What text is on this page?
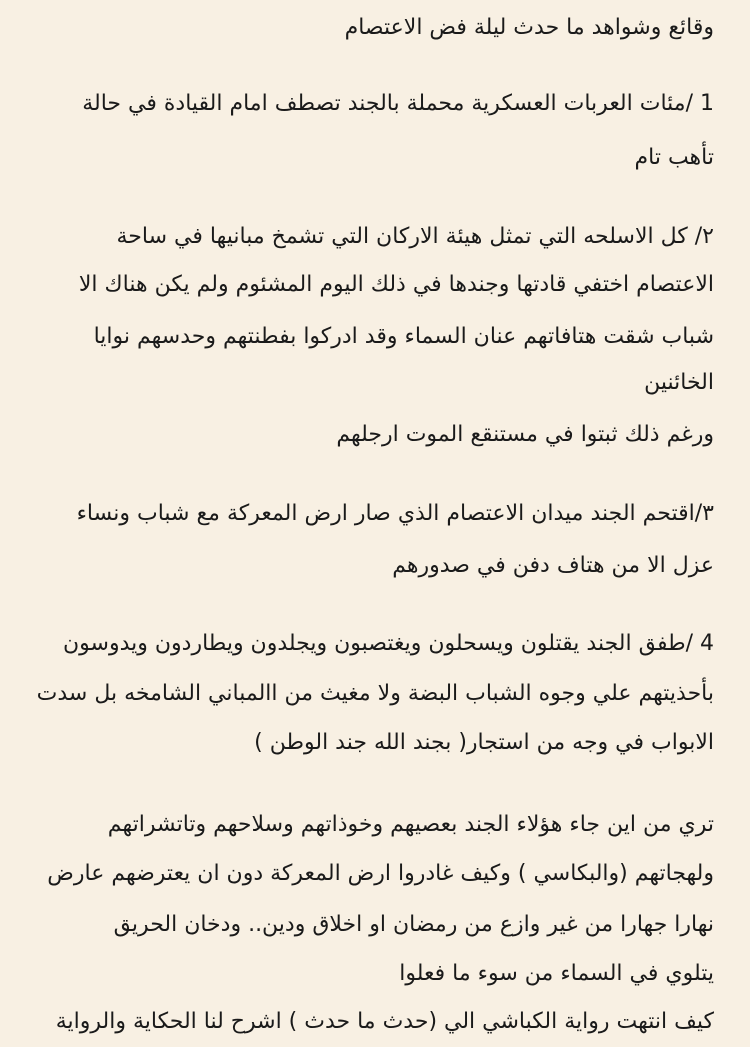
وقائع وشواهد ما حدث ليلة فض الاعتصام
1 /مئات العربات العسكرية محملة بالجند تصطف امام القيادة في حالة
تأهب تام
٢/ كل الاسلحه التي تمثل هيئة الاركان التي تشمخ مبانيها في ساحة
الاعتصام اختفي قادتها وجندها في ذلك اليوم المشئوم ولم يكن هناك الا
شباب شقت هتافاتهم عنان السماء وقد ادركوا بفطنتهم وحدسهم نوايا
الخائنين
ورغم ذلك ثبتوا في مستنقع الموت ارجلهم
٣/اقتحم الجند ميدان الاعتصام الذي صار ارض المعركة مع شباب ونساء
عزل الا من هتاف دفن في صدورهم
4 /طفق الجند يقتلون ويسحلون ويغتصبون ويجلدون ويطاردون ويدوسون
بأحذيتهم علي وجوه الشباب البضة ولا مغيث من االمباني الشامخه بل سدت
الابواب في وجه من استجار( بجند الله جند الوطن )
تري من اين جاء هؤلاء الجند بعصيهم وخوذاتهم وسلاحهم وتاتشراتهم
ولهجاتهم (والبكاسي ) وكيف غادروا ارض المعركة دون ان يعترضهم عارض
نهارا جهارا من غير وازع من رمضان او اخلاق ودين.. ودخان الحريق
يتلوي في السماء من سوء ما فعلوا
كيف انتهت رواية الكباشي الي (حدث ما حدث ) اشرح لنا الحكاية والرواية
